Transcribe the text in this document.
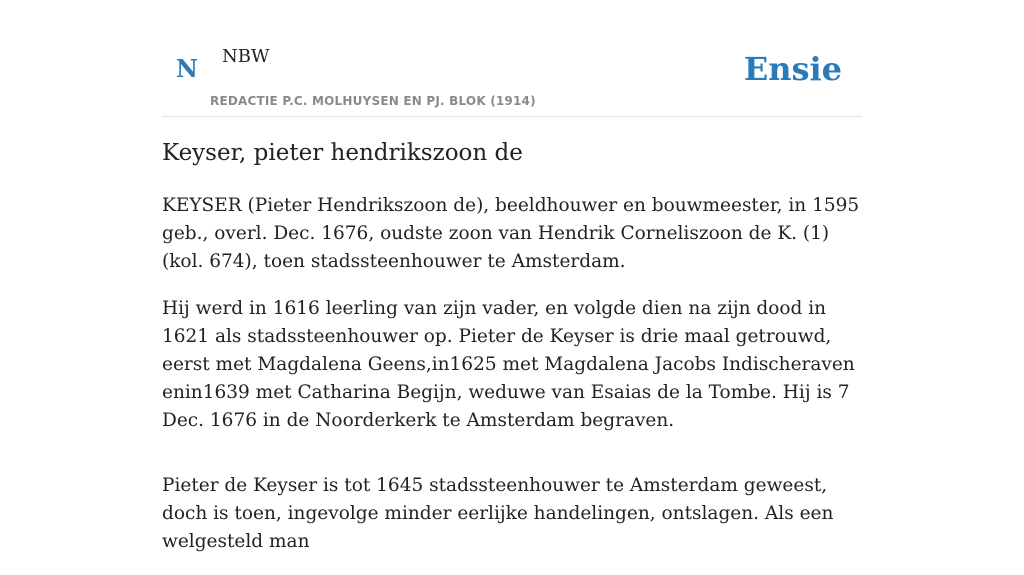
N NBW
REDACTIE P.C. MOLHUYSEN EN PJ. BLOK (1914)
Ensie
Keyser, pieter hendrikszoon de

KEYSER (Pieter Hendrikszoon de), beeldhouwer en bouwmeester, in 1595 geb., overl. Dec. 1676, oudste zoon van Hendrik Corneliszoon de K. (1) (kol. 674), toen stadssteenhouwer te Amsterdam.

Hij werd in 1616 leerling van zijn vader, en volgde dien na zijn dood in 1621 als stadssteenhouwer op. Pieter de Keyser is drie maal getrouwd, eerst met Magdalena Geens,in1625 met Magdalena Jacobs Indischeraven enin1639 met Catharina Begijn, weduwe van Esaias de la Tombe. Hij is 7 Dec. 1676 in de Noorderkerk te Amsterdam begraven.

Pieter de Keyser is tot 1645 stadssteenhouwer te Amsterdam geweest, doch is toen, ingevolge minder eerlijke handelingen, ontslagen. Als een welgesteld man
